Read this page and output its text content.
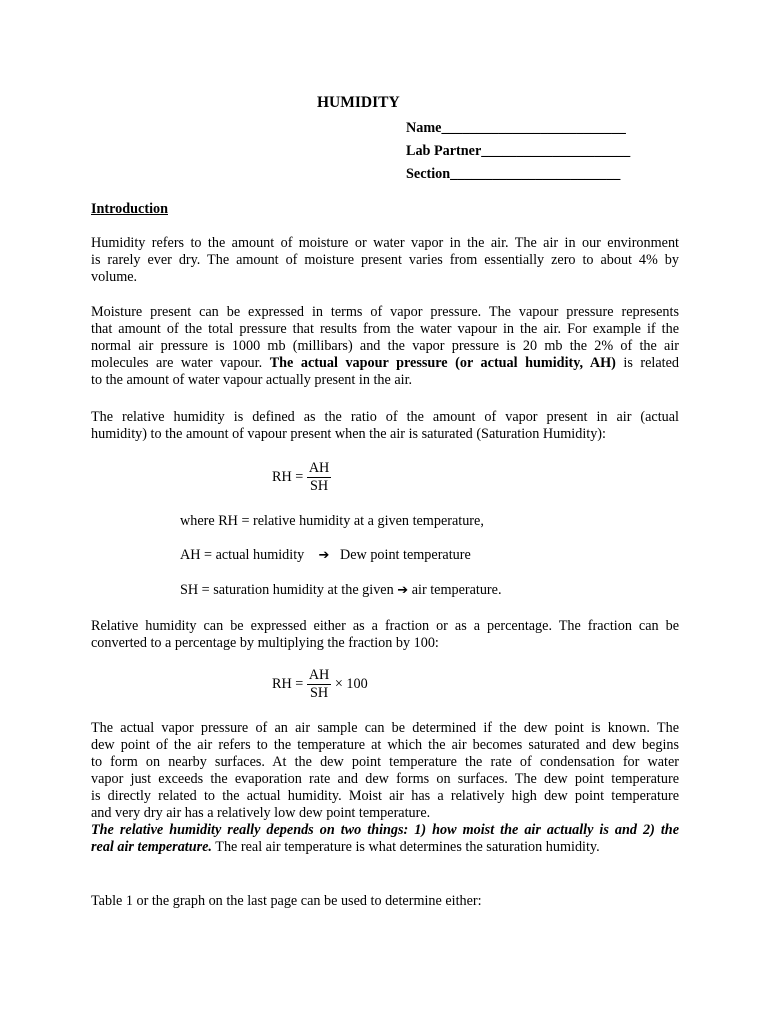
HUMIDITY
Name__________________________
Lab Partner_____________________
Section________________________
Introduction
Humidity refers to the amount of moisture or water vapor in the air. The air in our environment
is rarely ever dry. The amount of moisture present varies from essentially zero to about 4% by
volume.
Moisture present can be expressed in terms of vapor pressure. The vapour pressure represents
that amount of the total pressure that results from the water vapour in the air. For example if the
normal air pressure is 1000 mb (millibars) and the vapor pressure is 20 mb the 2% of the air
molecules are water vapour. The actual vapour pressure (or actual humidity, AH) is related
to the amount of water vapour actually present in the air.
The relative humidity is defined as the ratio of the amount of vapor present in air (actual
humidity) to the amount of vapour present when the air is saturated (Saturation Humidity):
RH = $\frac{AH}{SH}$
where RH = relative humidity at a given temperature,
AH = actual humidity ➔ Dew point temperature
SH = saturation humidity at the given ➔ air temperature.
Relative humidity can be expressed either as a fraction or as a percentage. The fraction can be
converted to a percentage by multiplying the fraction by 100:
RH = $\frac{AH}{SH} \times 100$
The actual vapor pressure of an air sample can be determined if the dew point is known. The
dew point of the air refers to the temperature at which the air becomes saturated and dew begins
to form on nearby surfaces. At the dew point temperature the rate of condensation for water
vapor just exceeds the evaporation rate and dew forms on surfaces. The dew point temperature
is directly related to the actual humidity. Moist air has a relatively high dew point temperature
and very dry air has a relatively low dew point temperature.
The relative humidity really depends on two things: 1) how moist the air actually is and 2) the
real air temperature. The real air temperature is what determines the saturation humidity.
Table 1 or the graph on the last page can be used to determine either:
